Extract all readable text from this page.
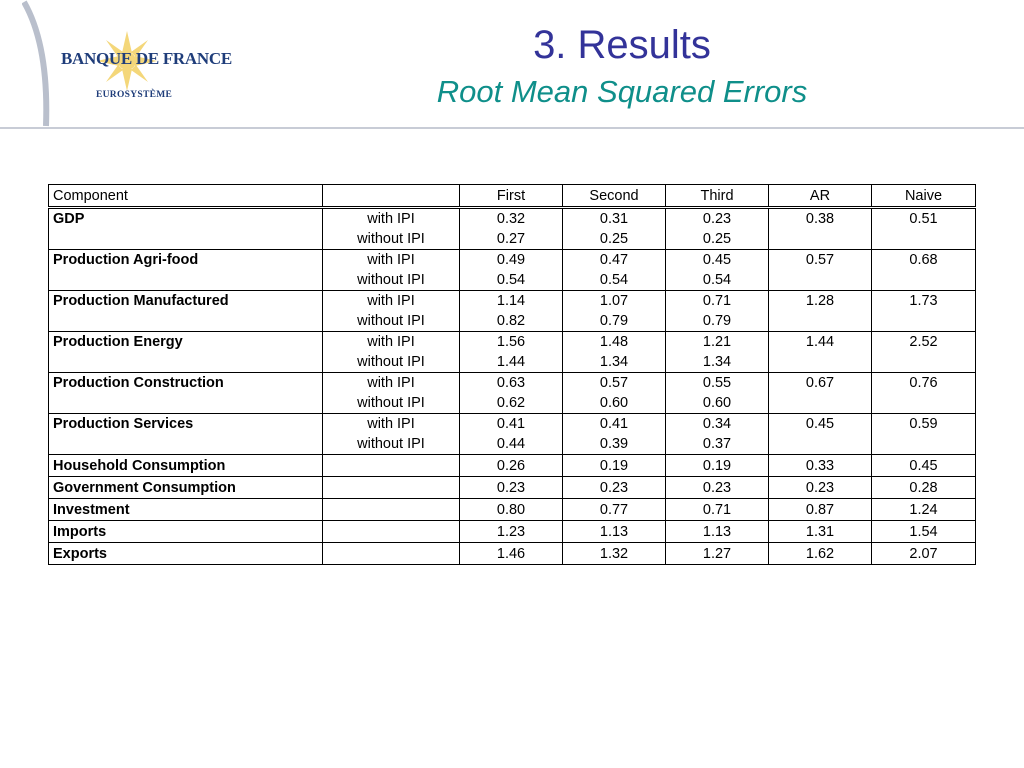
BANQUE DE FRANCE
EUROSYSTÈME
3. Results
Root Mean Squared Errors
Component		First	Second	Third	AR	Naive
GDP	with IPI	0.32	0.31	0.23	0.38	0.51
	without IPI	0.27	0.25	0.25		
Production Agri-food	with IPI	0.49	0.47	0.45	0.57	0.68
	without IPI	0.54	0.54	0.54		
Production Manufactured	with IPI	1.14	1.07	0.71	1.28	1.73
	without IPI	0.82	0.79	0.79		
Production Energy	with IPI	1.56	1.48	1.21	1.44	2.52
	without IPI	1.44	1.34	1.34		
Production Construction	with IPI	0.63	0.57	0.55	0.67	0.76
	without IPI	0.62	0.60	0.60		
Production Services	with IPI	0.41	0.41	0.34	0.45	0.59
	without IPI	0.44	0.39	0.37		
Household Consumption		0.26	0.19	0.19	0.33	0.45
Government Consumption		0.23	0.23	0.23	0.23	0.28
Investment		0.80	0.77	0.71	0.87	1.24
Imports		1.23	1.13	1.13	1.31	1.54
Exports		1.46	1.32	1.27	1.62	2.07
